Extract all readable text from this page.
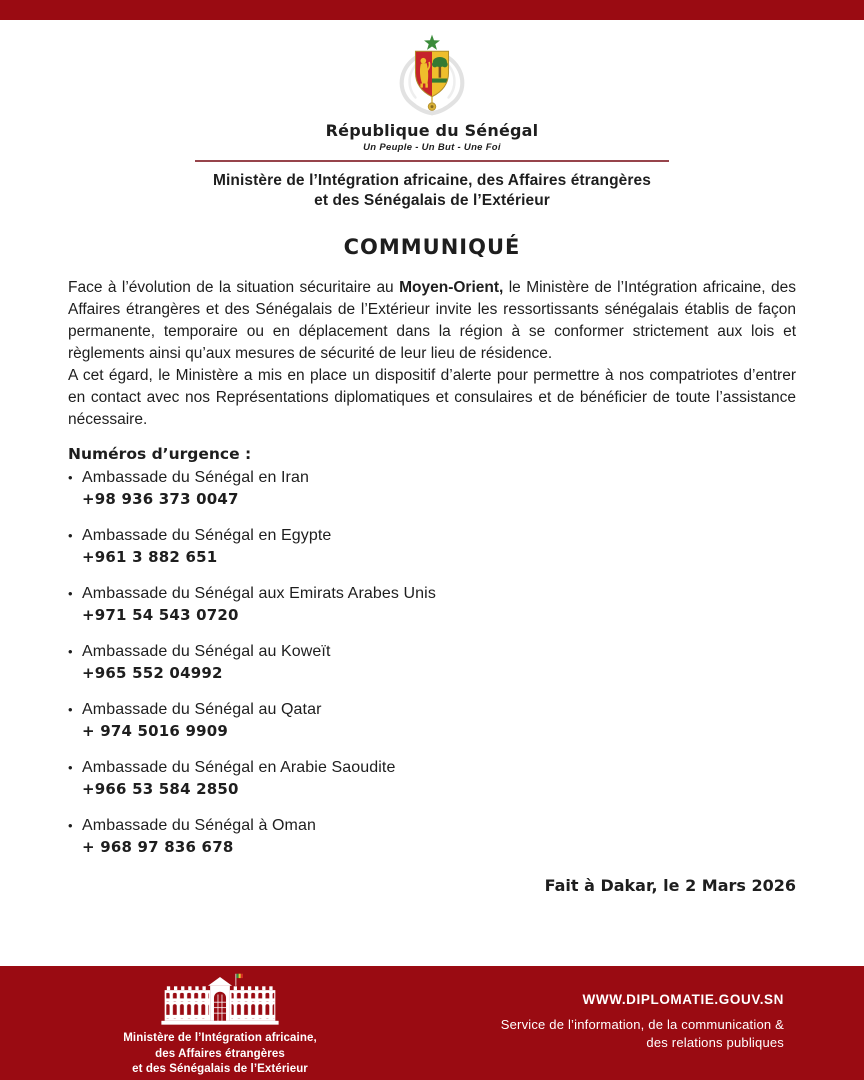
République du Sénégal
Un Peuple - Un But - Une Foi
Ministère de l’Intégration africaine, des Affaires étrangères
et des Sénégalais de l’Extérieur
COMMUNIQUÉ

Face à l’évolution de la situation sécuritaire au Moyen-Orient, le Ministère de l’Intégration africaine, des Affaires étrangères et des Sénégalais de l’Extérieur invite les ressortissants sénégalais établis de façon permanente, temporaire ou en déplacement dans la région à se conformer strictement aux lois et règlements ainsi qu’aux mesures de sécurité de leur lieu de résidence.

A cet égard, le Ministère a mis en place un dispositif d’alerte pour permettre à nos compatriotes d’entrer en contact avec nos Représentations diplomatiques et consulaires et de bénéficier de toute l’assistance nécessaire.

Numéros d’urgence :
• Ambassade du Sénégal en Iran
+98 936 373 0047
• Ambassade du Sénégal en Egypte
+961 3 882 651
• Ambassade du Sénégal aux Emirats Arabes Unis
+971 54 543 0720
• Ambassade du Sénégal au Koweït
+965 552 04992
• Ambassade du Sénégal au Qatar
+ 974 5016 9909
• Ambassade du Sénégal en Arabie Saoudite
+966 53 584 2850
• Ambassade du Sénégal à Oman
+ 968 97 836 678
Fait à Dakar, le 2 Mars 2026
Ministère de l’Intégration africaine,
des Affaires étrangères
et des Sénégalais de l’Extérieur
WWW.DIPLOMATIE.GOUV.SN
Service de l’information, de la communication &
des relations publiques
